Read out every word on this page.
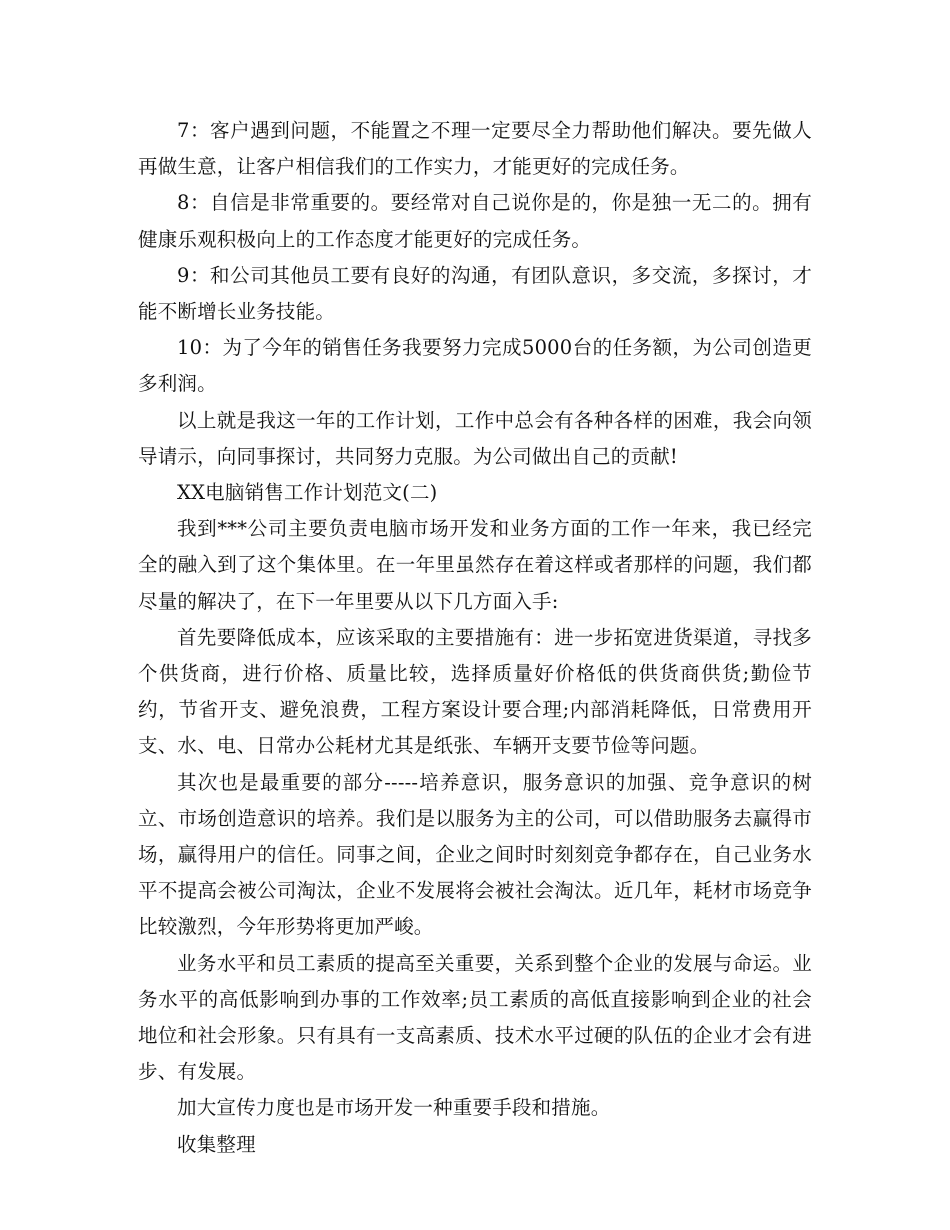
7：客户遇到问题，不能置之不理一定要尽全力帮助他们解决。要先做人再做生意，让客户相信我们的工作实力，才能更好的完成任务。

8：自信是非常重要的。要经常对自己说你是的，你是独一无二的。拥有健康乐观积极向上的工作态度才能更好的完成任务。

9：和公司其他员工要有良好的沟通，有团队意识，多交流，多探讨，才能不断增长业务技能。

10：为了今年的销售任务我要努力完成5000台的任务额，为公司创造更多利润。

以上就是我这一年的工作计划，工作中总会有各种各样的困难，我会向领导请示，向同事探讨，共同努力克服。为公司做出自己的贡献!

XX电脑销售工作计划范文(二)

我到***公司主要负责电脑市场开发和业务方面的工作一年来，我已经完全的融入到了这个集体里。在一年里虽然存在着这样或者那样的问题，我们都尽量的解决了，在下一年里要从以下几方面入手:

首先要降低成本，应该采取的主要措施有：进一步拓宽进货渠道，寻找多个供货商，进行价格、质量比较，选择质量好价格低的供货商供货;勤俭节约，节省开支、避免浪费，工程方案设计要合理;内部消耗降低，日常费用开支、水、电、日常办公耗材尤其是纸张、车辆开支要节俭等问题。

其次也是最重要的部分-----培养意识，服务意识的加强、竞争意识的树立、市场创造意识的培养。我们是以服务为主的公司，可以借助服务去赢得市场，赢得用户的信任。同事之间，企业之间时时刻刻竞争都存在，自己业务水平不提高会被公司淘汰，企业不发展将会被社会淘汰。近几年，耗材市场竞争比较激烈，今年形势将更加严峻。

业务水平和员工素质的提高至关重要，关系到整个企业的发展与命运。业务水平的高低影响到办事的工作效率;员工素质的高低直接影响到企业的社会地位和社会形象。只有具有一支高素质、技术水平过硬的队伍的企业才会有进步、有发展。

加大宣传力度也是市场开发一种重要手段和措施。

收集整理
